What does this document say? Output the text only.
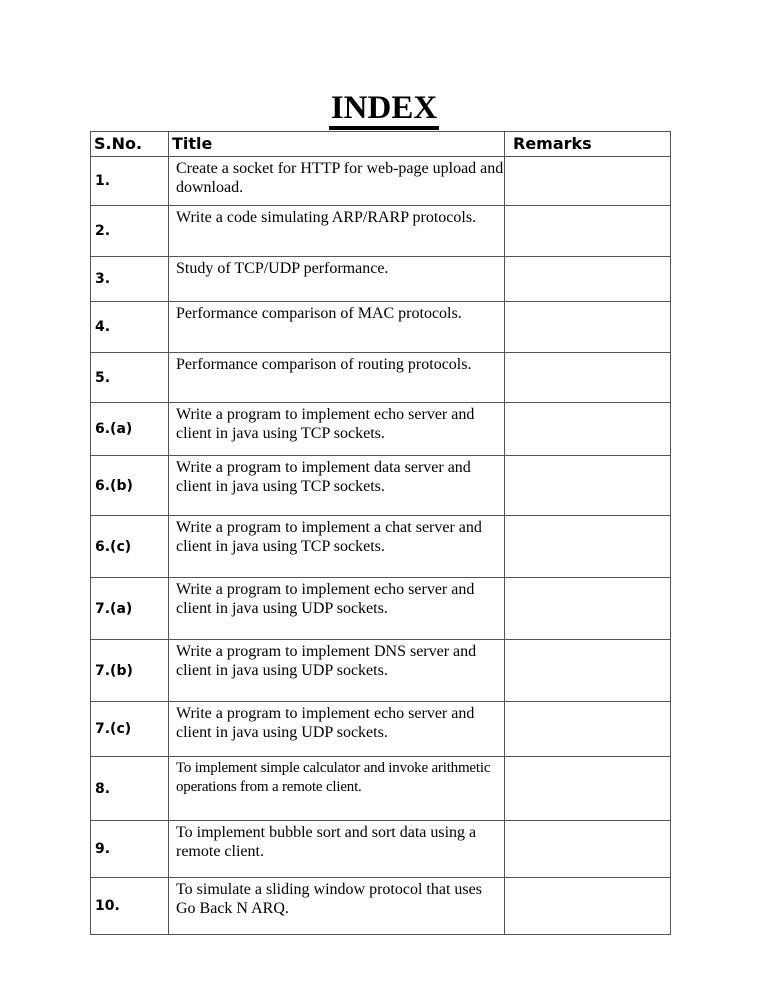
INDEX
S.No.	Title	Remarks
1.	Create a socket for HTTP for web-page upload and download.	
2.	Write a code simulating ARP/RARP protocols.	
3.	Study of TCP/UDP performance.	
4.	Performance comparison of MAC protocols.	
5.	Performance comparison of routing protocols.	
6.(a)	Write a program to implement echo server and client in java using TCP sockets.	
6.(b)	Write a program to implement data server and client in java using TCP sockets.	
6.(c)	Write a program to implement a chat server and client in java using TCP sockets.	
7.(a)	Write a program to implement echo server and client in java using UDP sockets.	
7.(b)	Write a program to implement DNS server and client in java using UDP sockets.	
7.(c)	Write a program to implement echo server and client in java using UDP sockets.	
8.	To implement simple calculator and invoke arithmetic operations from a remote client.	
9.	To implement bubble sort and sort data using a remote client.	
10.	To simulate a sliding window protocol that uses Go Back N ARQ.	
